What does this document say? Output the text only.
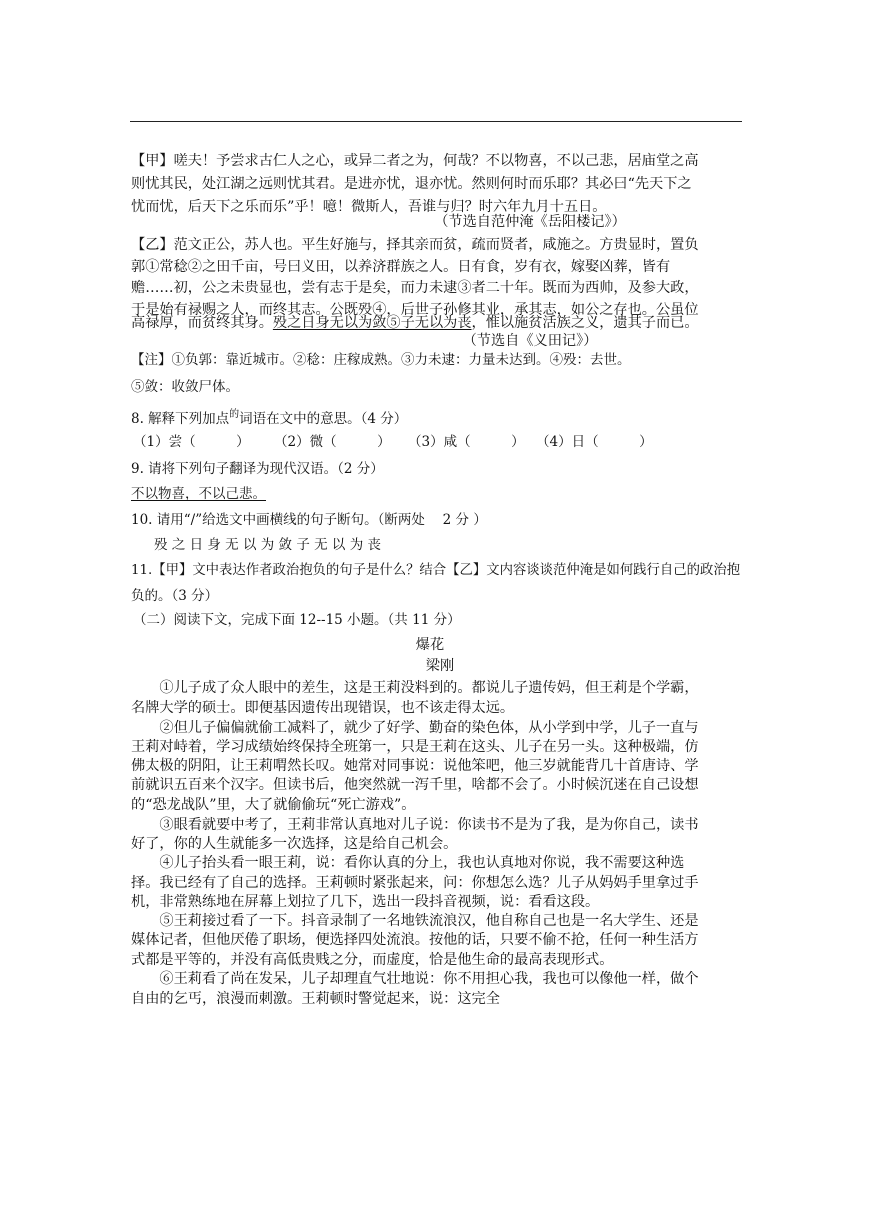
【甲】嗟夫！予尝求古仁人之心，或异二者之为，何哉？不以物喜，不以己悲，居庙堂之高
则忧其民，处江湖之远则忧其君。是进亦忧，退亦忧。然则何时而乐耶？其必曰“先天下之
忧而忧，后天下之乐而乐”乎！噫！微斯人，吾谁与归？时六年九月十五日。
（节选自范仲淹《岳阳楼记》）
【乙】范文正公，苏人也。平生好施与，择其亲而贫，疏而贤者，咸施之。方贵显时，置负
郭①常稔②之田千亩，号曰义田，以养济群族之人。日有食，岁有衣，嫁娶凶葬，皆有
赡……初，公之未贵显也，尝有志于是矣，而力未逮③者二十年。既而为西帅，及参大政，
于是始有禄赐之人，而终其志。公既殁④，后世子孙修其业，承其志，如公之存也。公虽位
高禄厚，而贫终其身。殁之日身无以为敛⑤子无以为丧，惟以施贫活族之义，遗其子而已。
（节选自《义田记》）
【注】①负郭：靠近城市。②稔：庄稼成熟。③力未逮：力量未达到。④殁：去世。
⑤敛：收敛尸体。
8. 解释下列加点$^的$词语在文中的意思。（4 分）
（1）尝（　　　）	（2）微（　　　）	（3）咸（　　　） （4）日（　　　）
9. 请将下列句子翻译为现代汉语。（2 分）
不以物喜，不以己悲。
10. 请用“/”给选文中画横线的句子断句。（断两处　 2 分 ）
殁 之 日 身 无 以 为 敛 子 无 以 为 丧
11.【甲】文中表达作者政治抱负的句子是什么？结合【乙】文内容谈谈范仲淹是如何践行自己的政治抱
负的。（3 分）
（二）阅读下文，完成下面 12--15 小题。（共 11 分）
爆花
梁刚
　　①儿子成了众人眼中的差生，这是王莉没料到的。都说儿子遗传妈，但王莉是个学霸，
名牌大学的硕士。即便基因遗传出现错误，也不该走得太远。
　　②但儿子偏偏就偷工减料了，就少了好学、勤奋的染色体，从小学到中学，儿子一直与
王莉对峙着，学习成绩始终保持全班第一，只是王莉在这头、儿子在另一头。这种极端，仿
佛太极的阴阳，让王莉喟然长叹。她常对同事说：说他笨吧，他三岁就能背几十首唐诗、学
前就识五百来个汉字。但读书后，他突然就一泻千里，啥都不会了。小时候沉迷在自己设想
的“恐龙战队”里，大了就偷偷玩“死亡游戏”。
　　③眼看就要中考了，王莉非常认真地对儿子说：你读书不是为了我，是为你自己，读书
好了，你的人生就能多一次选择，这是给自己机会。
　　④儿子抬头看一眼王莉，说：看你认真的分上，我也认真地对你说，我不需要这种选
择。我已经有了自己的选择。王莉顿时紧张起来，问：你想怎么选？儿子从妈妈手里拿过手
机，非常熟练地在屏幕上划拉了几下，选出一段抖音视频，说：看看这段。
　　⑤王莉接过看了一下。抖音录制了一名地铁流浪汉，他自称自己也是一名大学生、还是
媒体记者，但他厌倦了职场，便选择四处流浪。按他的话，只要不偷不抢，任何一种生活方
式都是平等的，并没有高低贵贱之分，而虚度，恰是他生命的最高表现形式。
　　⑥王莉看了尚在发呆，儿子却理直气壮地说：你不用担心我，我也可以像他一样，做个
自由的乞丐，浪漫而刺激。王莉顿时警觉起来，说：这完全
